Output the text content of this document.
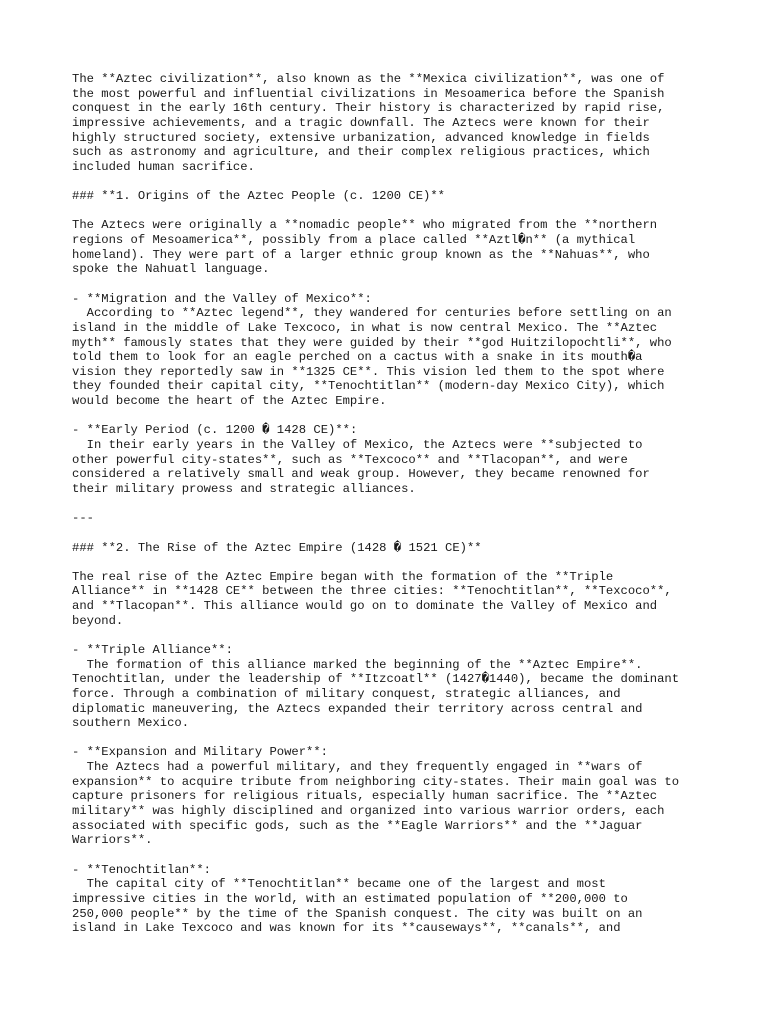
The **Aztec civilization**, also known as the **Mexica civilization**, was one of
the most powerful and influential civilizations in Mesoamerica before the Spanish
conquest in the early 16th century. Their history is characterized by rapid rise,
impressive achievements, and a tragic downfall. The Aztecs were known for their
highly structured society, extensive urbanization, advanced knowledge in fields
such as astronomy and agriculture, and their complex religious practices, which
included human sacrifice.
### **1. Origins of the Aztec People (c. 1200 CE)**
The Aztecs were originally a **nomadic people** who migrated from the **northern
regions of Mesoamerica**, possibly from a place called **Aztl�n** (a mythical
homeland). They were part of a larger ethnic group known as the **Nahuas**, who
spoke the Nahuatl language.
- **Migration and the Valley of Mexico**:
According to **Aztec legend**, they wandered for centuries before settling on an
island in the middle of Lake Texcoco, in what is now central Mexico. The **Aztec
myth** famously states that they were guided by their **god Huitzilopochtli**, who
told them to look for an eagle perched on a cactus with a snake in its mouth�a
vision they reportedly saw in **1325 CE**. This vision led them to the spot where
they founded their capital city, **Tenochtitlan** (modern-day Mexico City), which
would become the heart of the Aztec Empire.
- **Early Period (c. 1200 � 1428 CE)**:
In their early years in the Valley of Mexico, the Aztecs were **subjected to
other powerful city-states**, such as **Texcoco** and **Tlacopan**, and were
considered a relatively small and weak group. However, they became renowned for
their military prowess and strategic alliances.
---
### **2. The Rise of the Aztec Empire (1428 � 1521 CE)**
The real rise of the Aztec Empire began with the formation of the **Triple
Alliance** in **1428 CE** between the three cities: **Tenochtitlan**, **Texcoco**,
and **Tlacopan**. This alliance would go on to dominate the Valley of Mexico and
beyond.
- **Triple Alliance**:
The formation of this alliance marked the beginning of the **Aztec Empire**.
Tenochtitlan, under the leadership of **Itzcoatl** (1427�1440), became the dominant
force. Through a combination of military conquest, strategic alliances, and
diplomatic maneuvering, the Aztecs expanded their territory across central and
southern Mexico.
- **Expansion and Military Power**:
The Aztecs had a powerful military, and they frequently engaged in **wars of
expansion** to acquire tribute from neighboring city-states. Their main goal was to
capture prisoners for religious rituals, especially human sacrifice. The **Aztec
military** was highly disciplined and organized into various warrior orders, each
associated with specific gods, such as the **Eagle Warriors** and the **Jaguar
Warriors**.
- **Tenochtitlan**:
The capital city of **Tenochtitlan** became one of the largest and most
impressive cities in the world, with an estimated population of **200,000 to
250,000 people** by the time of the Spanish conquest. The city was built on an
island in Lake Texcoco and was known for its **causeways**, **canals**, and
